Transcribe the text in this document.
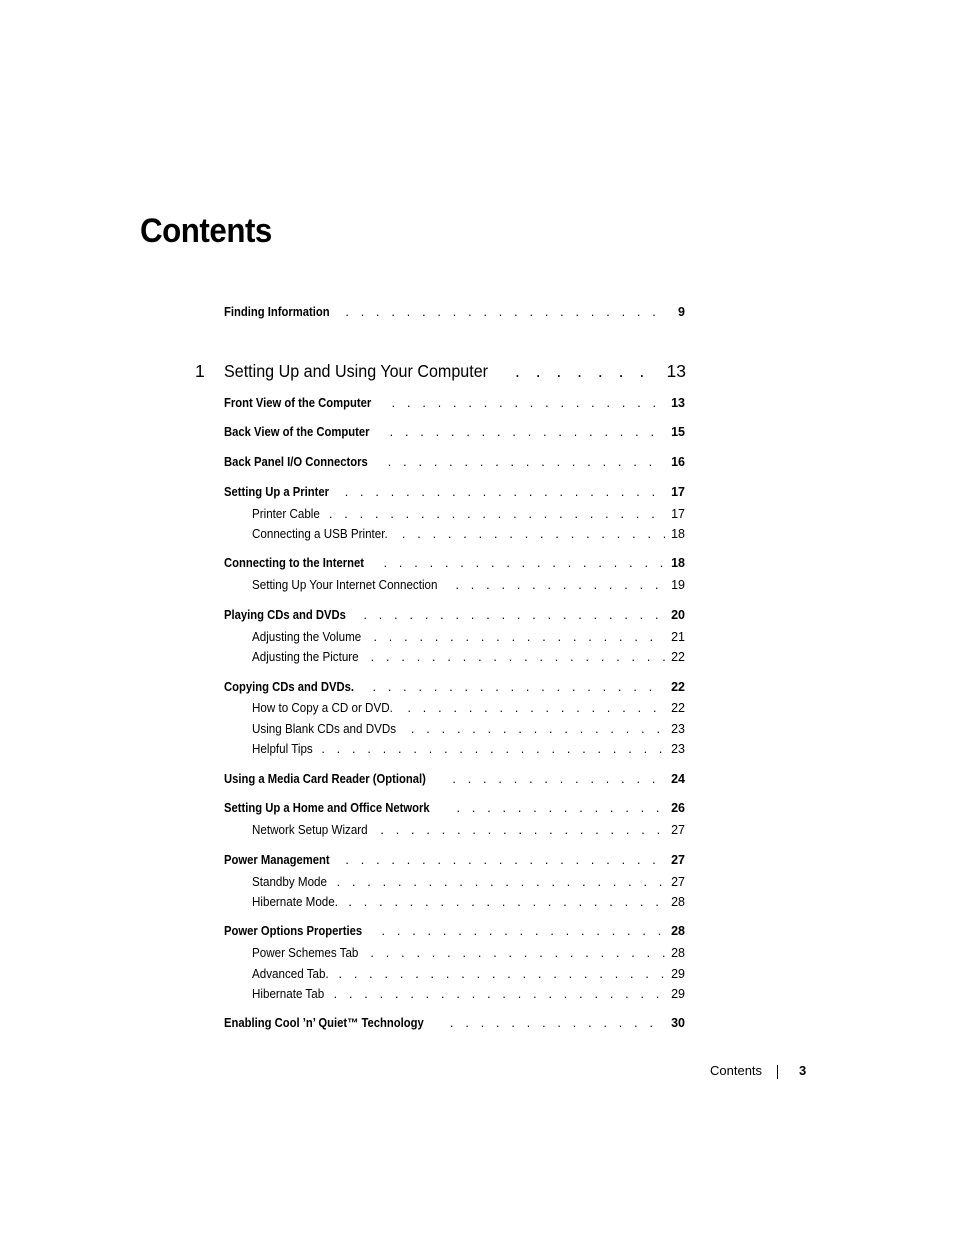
Contents
Finding Information . . .	9
1 Setting Up and Using Your Computer . . .	13
Front View of the Computer . . .	13
Back View of the Computer . . .	15
Back Panel I/O Connectors . . .	16
Setting Up a Printer . . .	17
Printer Cable . . .	17
Connecting a USB Printer. . . .	18
Connecting to the Internet . . .	18
Setting Up Your Internet Connection . . .	19
Playing CDs and DVDs . . .	20
Adjusting the Volume . . .	21
Adjusting the Picture . . .	22
Copying CDs and DVDs. . . .	22
How to Copy a CD or DVD. . . .	22
Using Blank CDs and DVDs . . .	23
Helpful Tips . . .	23
Using a Media Card Reader (Optional) . . .	24
Setting Up a Home and Office Network . . .	26
Network Setup Wizard . . .	27
Power Management . . .	27
Standby Mode . . .	27
Hibernate Mode. . . .	28
Power Options Properties . . .	28
Power Schemes Tab . . .	28
Advanced Tab. . . .	29
Hibernate Tab . . .	29
Enabling Cool ’n’ Quiet™ Technology . . .	30
Contents	3
